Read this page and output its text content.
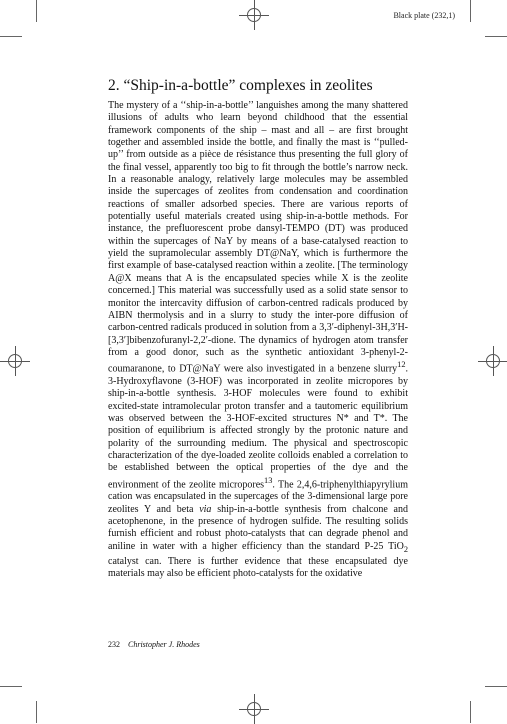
Black plate (232,1)
2. “Ship-in-a-bottle” complexes in zeolites

The mystery of a ‘‘ship-in-a-bottle’’ languishes among the many shattered illusions of adults who learn beyond childhood that the essential framework components of the ship – mast and all – are first brought together and assembled inside the bottle, and finally the mast is ‘‘pulled-up’’ from outside as a pièce de résistance thus presenting the full glory of the final vessel, apparently too big to fit through the bottle’s narrow neck. In a reasonable analogy, relatively large molecules may be assembled inside the supercages of zeolites from condensation and coordination reactions of smaller adsorbed species. There are various reports of potentially useful materials created using ship-in-a-bottle methods. For instance, the prefluorescent probe dansyl-TEMPO (DT) was produced within the supercages of NaY by means of a base-catalysed reaction to yield the supramolecular assembly DT@NaY, which is furthermore the first example of base-catalysed reaction within a zeolite. [The terminology A@X means that A is the encapsulated species while X is the zeolite concerned.] This material was successfully used as a solid state sensor to monitor the intercavity diffusion of carbon-centred radicals produced by AIBN thermolysis and in a slurry to study the inter-pore diffusion of carbon-centred radicals produced in solution from a 3,3′-diphenyl-3H,3′H-[3,3′]bibenzofuranyl-2,2′-dione. The dynamics of hydrogen atom transfer from a good donor, such as the synthetic antioxidant 3-phenyl-2-coumaranone, to DT@NaY were also investigated in a benzene slurry$^{12}$. 3-Hydroxyflavone (3-HOF) was incorporated in zeolite micropores by ship-in-a-bottle synthesis. 3-HOF molecules were found to exhibit excited-state intramolecular proton transfer and a tautomeric equilibrium was observed between the 3-HOF-excited structures N* and T*. The position of equilibrium is affected strongly by the protonic nature and polarity of the surrounding medium. The physical and spectroscopic characterization of the dye-loaded zeolite colloids enabled a correlation to be established between the optical properties of the dye and the environment of the zeolite micropores$^{13}$. The 2,4,6-triphenylthiapyrylium cation was encapsulated in the supercages of the 3-dimensional large pore zeolites Y and beta via ship-in-a-bottle synthesis from chalcone and acetophenone, in the presence of hydrogen sulfide. The resulting solids furnish efficient and robust photo-catalysts that can degrade phenol and aniline in water with a higher efficiency than the standard P-25 TiO$_2$ catalyst can. There is further evidence that these encapsulated dye materials may also be efficient photo-catalysts for the oxidative

232 Christopher J. Rhodes
